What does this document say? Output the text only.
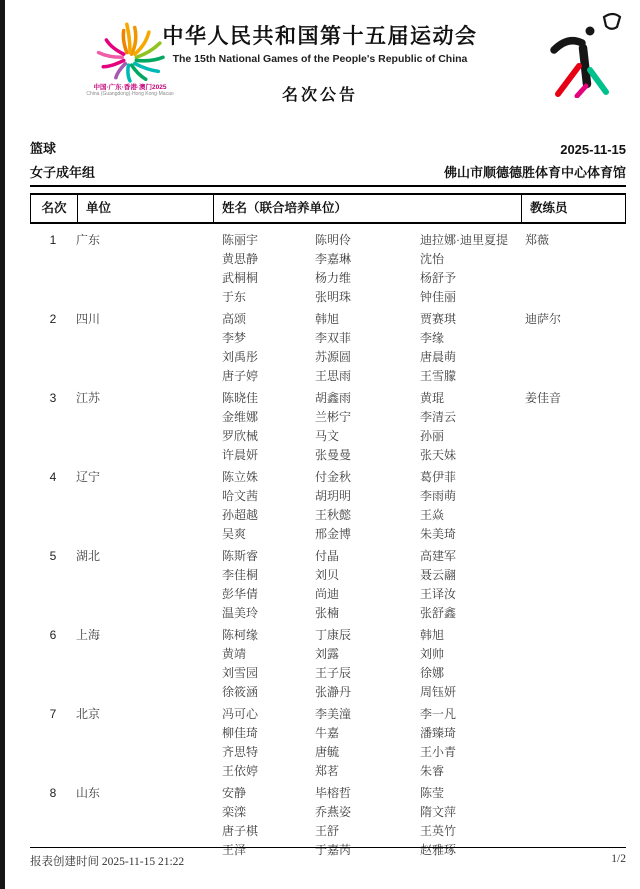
中国·广东·香港·澳门2025
China (Guangdong)·Hong Kong·Macao
中华人民共和国第十五届运动会
The 15th National Games of the People's Republic of China
名次公告
篮球	2025-11-15
女子成年组	佛山市顺德德胜体育中心体育馆
名次	单位	姓名（联合培养单位）	教练员
1	广东	陈丽宇	陈明伶	迪拉娜·迪里夏提	郑薇
黄思静	李嘉琳	沈怡
武桐桐	杨力维	杨舒予
于东	张明珠	钟佳丽
2	四川	高颂	韩旭	贾赛琪	迪萨尔
李梦	李双菲	李缘
刘禹彤	苏源圆	唐晨萌
唐子婷	王思雨	王雪朦
3	江苏	陈晓佳	胡鑫雨	黄琨	姜佳音
金维娜	兰彬宁	李清云
罗欣械	马文	孙丽
许晨妍	张曼曼	张天妹
4	辽宁	陈立姝	付金秋	葛伊菲
哈文茜	胡玥明	李雨萌
孙超越	王秋懿	王焱
吴爽	邢金博	朱美琦
5	湖北	陈斯睿	付晶	高建军
李佳桐	刘贝	聂云翮
彭华倩	尚迪	王译汝
温美玲	张楠	张舒鑫
6	上海	陈柯缘	丁康辰	韩旭
黄靖	刘露	刘帅
刘雪园	王子辰	徐娜
徐筱涵	张瀞丹	周钰妍
7	北京	冯可心	李美潼	李一凡
柳佳琦	牛嘉	潘臻琦
齐思特	唐毓	王小青
王依婷	郑茗	朱睿
8	山东	安静	毕榕哲	陈莹
栾滦	乔燕姿	隋文萍
唐子棋	王舒	王英竹
王泽	于嘉芮	赵雅琢
报表创建时间 2025-11-15 21:22	1/2
